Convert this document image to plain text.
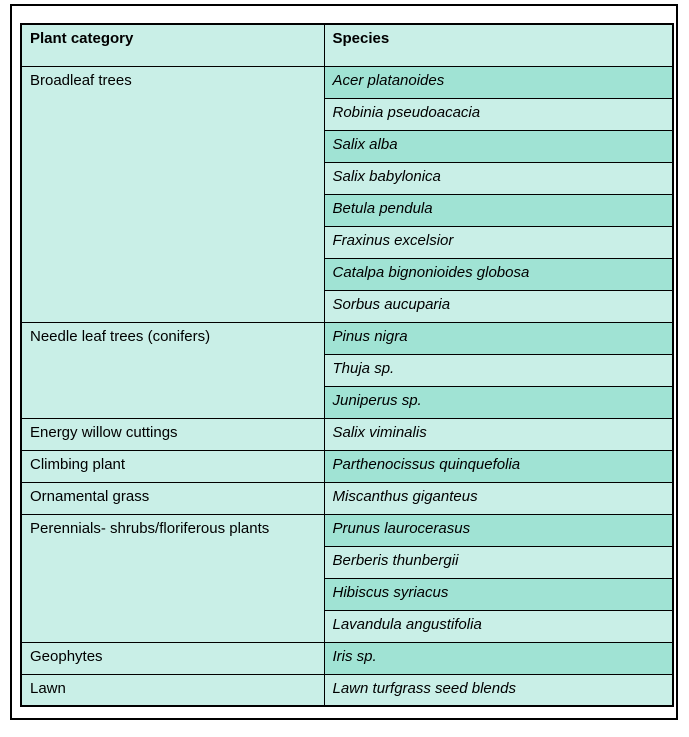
Plant category	Species
Broadleaf trees	Acer platanoides
	Robinia pseudoacacia
	Salix alba
	Salix babylonica
	Betula pendula
	Fraxinus excelsior
	Catalpa bignonioides globosa
	Sorbus aucuparia
Needle leaf trees (conifers)	Pinus nigra
	Thuja sp.
	Juniperus sp.
Energy willow cuttings	Salix viminalis
Climbing plant	Parthenocissus quinquefolia
Ornamental grass	Miscanthus giganteus
Perennials- shrubs/floriferous plants	Prunus laurocerasus
	Berberis thunbergii
	Hibiscus syriacus
	Lavandula angustifolia
Geophytes	Iris sp.
Lawn	Lawn turfgrass seed blends
